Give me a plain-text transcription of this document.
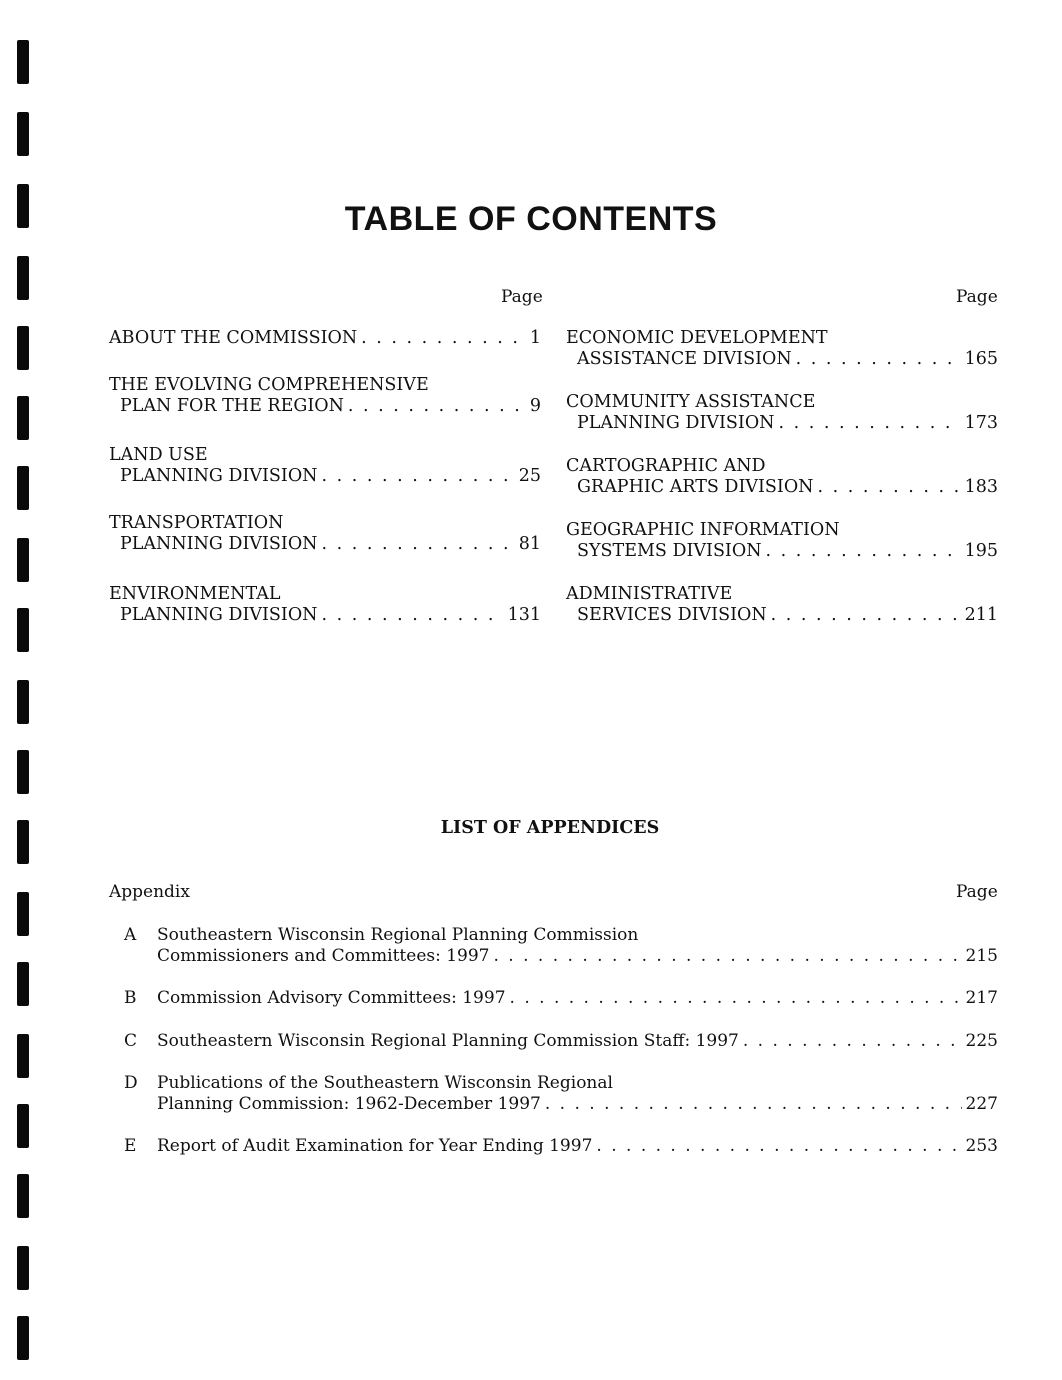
TABLE OF CONTENTS
Page	Page
ABOUT THE COMMISSION . . .	1
THE EVOLVING COMPREHENSIVE
PLAN FOR THE REGION . . .	9
LAND USE
PLANNING DIVISION . . .	25
TRANSPORTATION
PLANNING DIVISION . . .	81
ENVIRONMENTAL
PLANNING DIVISION . . .	131
ECONOMIC DEVELOPMENT
ASSISTANCE DIVISION . . .	165
COMMUNITY ASSISTANCE
PLANNING DIVISION . . .	173
CARTOGRAPHIC AND
GRAPHIC ARTS DIVISION . . .	183
GEOGRAPHIC INFORMATION
SYSTEMS DIVISION . . .	195
ADMINISTRATIVE
SERVICES DIVISION . . .	211
LIST OF APPENDICES
Appendix	Page
A Southeastern Wisconsin Regional Planning Commission
Commissioners and Committees: 1997 . . .	215
B Commission Advisory Committees: 1997 . . .	217
C Southeastern Wisconsin Regional Planning Commission Staff: 1997 . . .	225
D Publications of the Southeastern Wisconsin Regional
Planning Commission: 1962-December 1997 . . .	227
E Report of Audit Examination for Year Ending 1997 . . .	253
